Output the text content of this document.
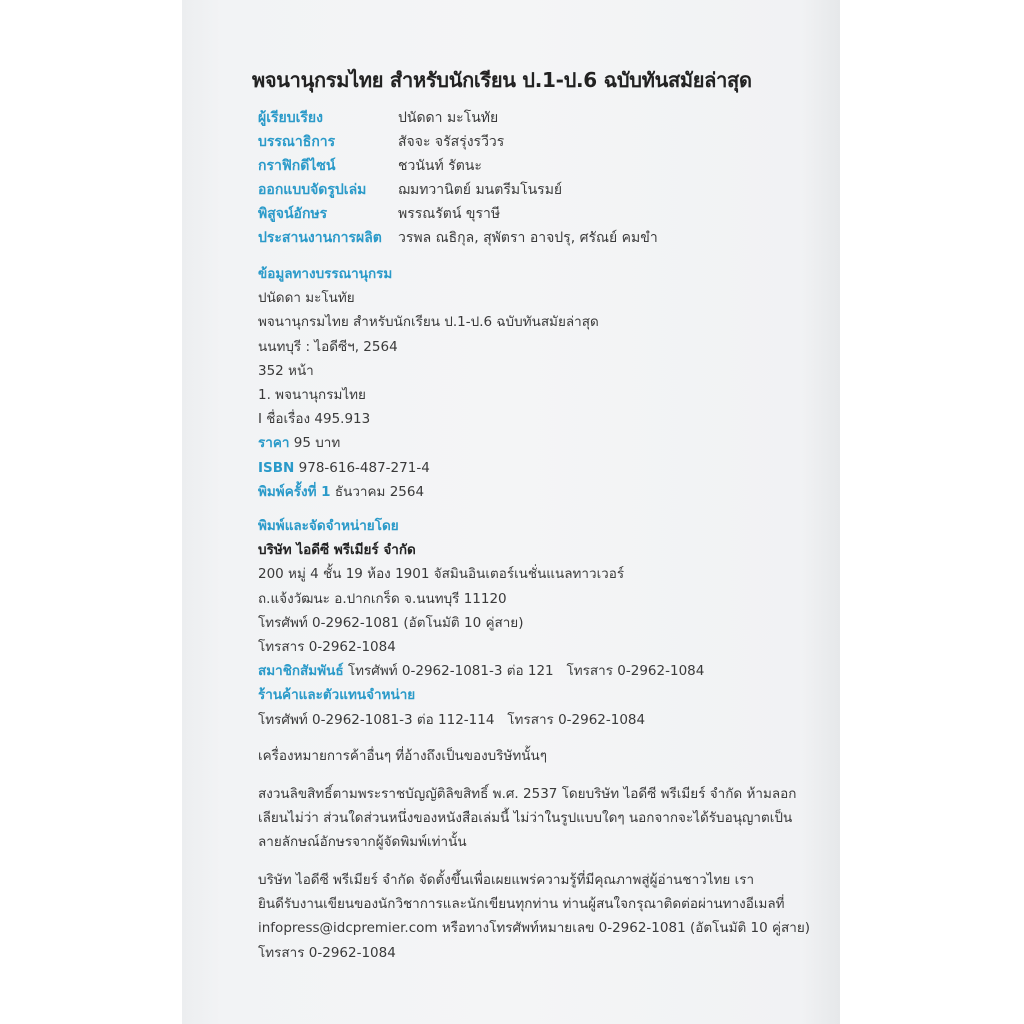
พจนานุกรมไทย สำหรับนักเรียน ป.1-ป.6 ฉบับทันสมัยล่าสุด
ผู้เรียบเรียง	ปนัดดา มะโนทัย
บรรณาธิการ	สัจจะ จรัสรุ่งรวีวร
กราฟิกดีไซน์	ชวนันท์ รัตนะ
ออกแบบจัดรูปเล่ม ฌมทวานิตย์ มนตรีมโนรมย์
พิสูจน์อักษร	พรรณรัตน์ ขุราษี
ประสานงานการผลิต วรพล ณธิกุล, สุพัตรา อาจปรุ, ศรัณย์ คมขำ
ข้อมูลทางบรรณานุกรม
ปนัดดา มะโนทัย
พจนานุกรมไทย สำหรับนักเรียน ป.1-ป.6 ฉบับทันสมัยล่าสุด
นนทบุรี : ไอดีซีฯ, 2564
352 หน้า
1. พจนานุกรมไทย
I ชื่อเรื่อง 495.913
ราคา 95 บาท
ISBN 978-616-487-271-4
พิมพ์ครั้งที่ 1 ธันวาคม 2564
พิมพ์และจัดจำหน่ายโดย
บริษัท ไอดีซี พรีเมียร์ จำกัด
200 หมู่ 4 ชั้น 19 ห้อง 1901 จัสมินอินเตอร์เนชั่นแนลทาวเวอร์
ถ.แจ้งวัฒนะ อ.ปากเกร็ด จ.นนทบุรี 11120
โทรศัพท์ 0-2962-1081 (อัตโนมัติ 10 คู่สาย)
โทรสาร 0-2962-1084
สมาชิกสัมพันธ์ โทรศัพท์ 0-2962-1081-3 ต่อ 121   โทรสาร 0-2962-1084
ร้านค้าและตัวแทนจำหน่าย
โทรศัพท์ 0-2962-1081-3 ต่อ 112-114   โทรสาร 0-2962-1084
เครื่องหมายการค้าอื่นๆ ที่อ้างถึงเป็นของบริษัทนั้นๆ
สงวนลิขสิทธิ์ตามพระราชบัญญัติลิขสิทธิ์ พ.ศ. 2537 โดยบริษัท ไอดีซี พรีเมียร์ จำกัด ห้ามลอก
เลียนไม่ว่า ส่วนใดส่วนหนึ่งของหนังสือเล่มนี้ ไม่ว่าในรูปแบบใดๆ นอกจากจะได้รับอนุญาตเป็น
ลายลักษณ์อักษรจากผู้จัดพิมพ์เท่านั้น
บริษัท ไอดีซี พรีเมียร์ จำกัด จัดตั้งขึ้นเพื่อเผยแพร่ความรู้ที่มีคุณภาพสู่ผู้อ่านชาวไทย เรา
ยินดีรับงานเขียนของนักวิชาการและนักเขียนทุกท่าน ท่านผู้สนใจกรุณาติดต่อผ่านทางอีเมลที่
infopress@idcpremier.com หรือทางโทรศัพท์หมายเลข 0-2962-1081 (อัตโนมัติ 10 คู่สาย)
โทรสาร 0-2962-1084
